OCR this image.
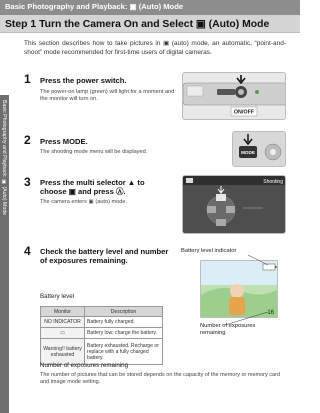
Basic Photography and Playback: ▣ (Auto) Mode
Step 1 Turn the Camera On and Select ▣ (Auto) Mode
Basic Photography and Playback: ▣ (Auto) Mode
This section describes how to take pictures in ▣ (auto) mode, an automatic, “point-and-shoot” mode recommended for first-time users of digital cameras.
1 Press the power switch.
The power-on lamp (green) will light for a moment and the monitor will turn on.
ON/OFF
2 Press MODE.
The shooting mode menu will be displayed.	MODE
3 Press the multi selector ▲ to choose ▣ and press Ⓐ.
The camera enters ▣ (auto) mode.
Shooting
4 Check the battery level and number of exposures remaining.
Battery level
Monitor	Description
NO INDICATOR	Battery fully charged.
▭	Battery low; charge the battery.
Warning!! battery exhausted	Battery exhausted. Recharge or replace with a fully charged battery.
Number of exposures remaining
The number of pictures that can be stored depends on the capacity of the memory or memory card and image mode setting.
Battery level indicator
16
Number of exposures remaining
